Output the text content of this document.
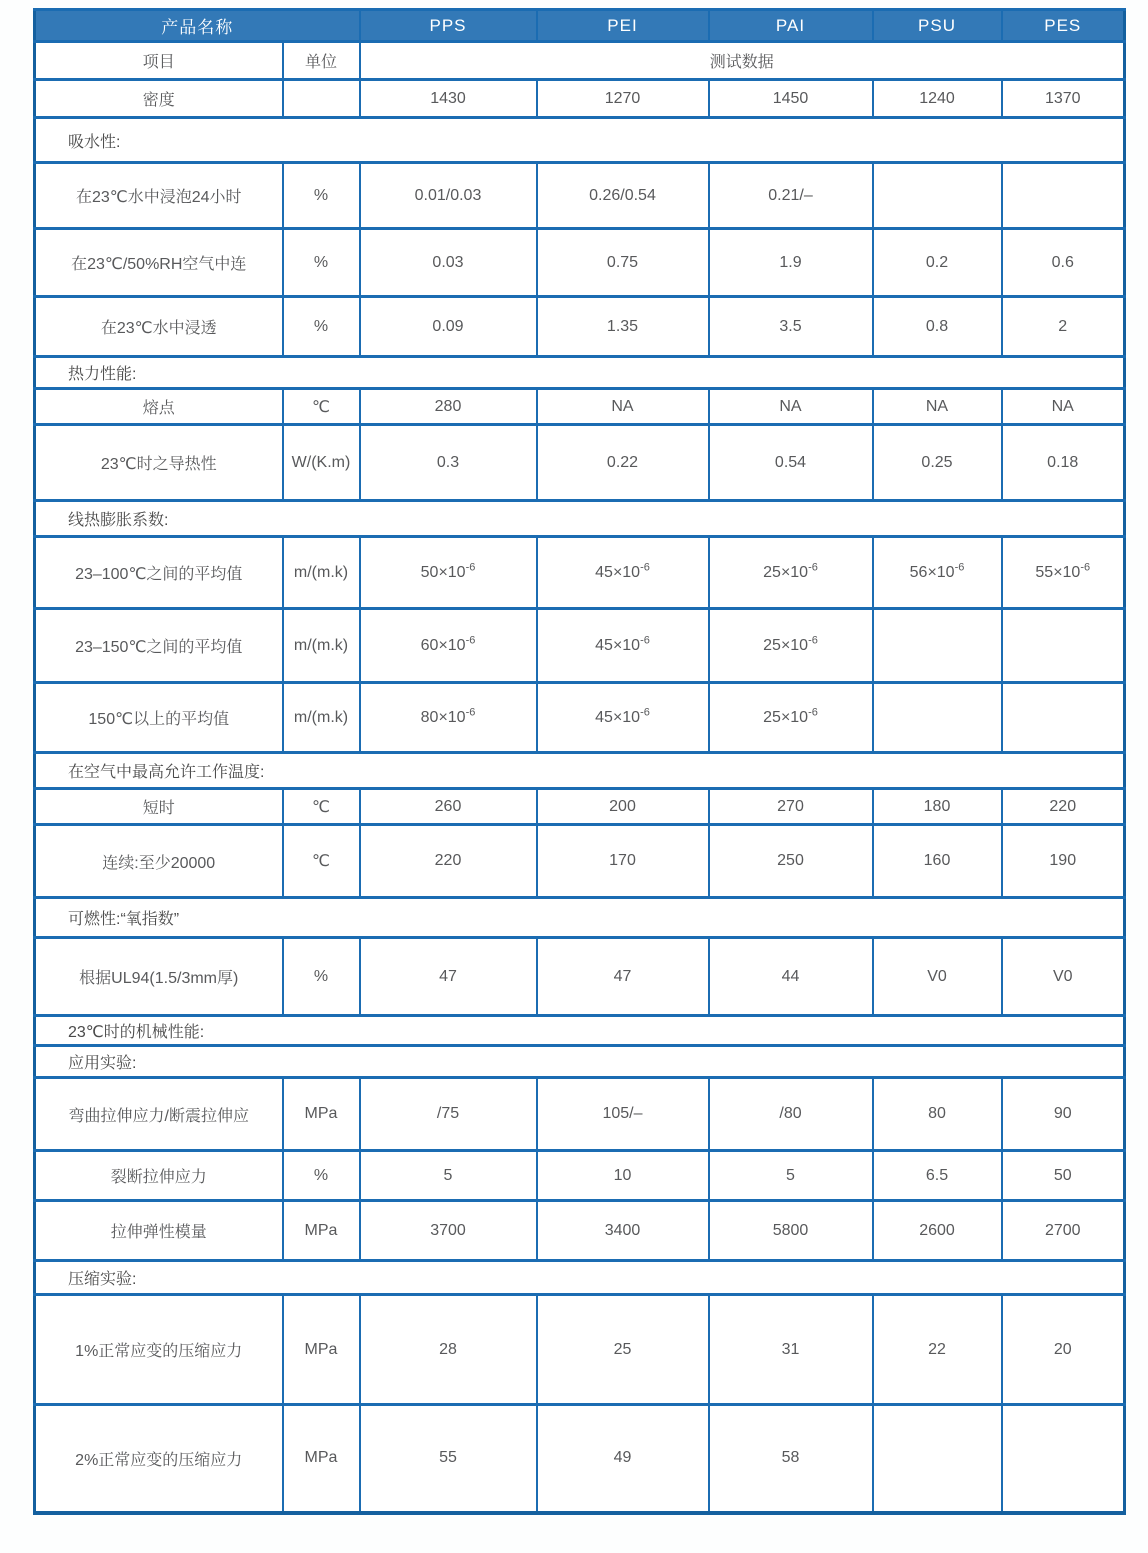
产品名称		PPS	PEI	PAI	PSU	PES
项目	单位	测试数据				
密度		1430	1270	1450	1240	1370
吸水性:						
在23℃水中浸泡24小时	%	0.01/0.03	0.26/0.54	0.21/–		
在23℃/50%RH空气中连	%	0.03	0.75	1.9	0.2	0.6
在23℃水中浸透	%	0.09	1.35	3.5	0.8	2
热力性能:						
熔点	℃	280	NA	NA	NA	NA
23℃时之导热性	W/(K.m)	0.3	0.22	0.54	0.25	0.18
线热膨胀系数:						
23–100℃之间的平均值	m/(m.k)	$50\times 10^{-6}$	$45\times 10^{-6}$	$25\times 10^{-6}$	$56\times 10^{-6}$	$55\times 10^{-6}$
23–150℃之间的平均值	m/(m.k)	$60\times 10^{-6}$	$45\times 10^{-6}$	$25\times 10^{-6}$		
150℃以上的平均值	m/(m.k)	$80\times 10^{-6}$	$45\times 10^{-6}$	$25\times 10^{-6}$		
在空气中最高允许工作温度:						
短时	℃	260	200	270	180	220
连续:至少20000	℃	220	170	250	160	190
可燃性:“氧指数”						
根据UL94(1.5/3mm厚)	%	47	47	44	V0	V0
23℃时的机械性能:						
应用实验:						
弯曲拉伸应力/断震拉伸应	MPa	/75	105/–	/80	80	90
裂断拉伸应力	%	5	10	5	6.5	50
拉伸弹性模量	MPa	3700	3400	5800	2600	2700
压缩实验:						
1%正常应变的压缩应力	MPa	28	25	31	22	20
2%正常应变的压缩应力	MPa	55	49	58		
